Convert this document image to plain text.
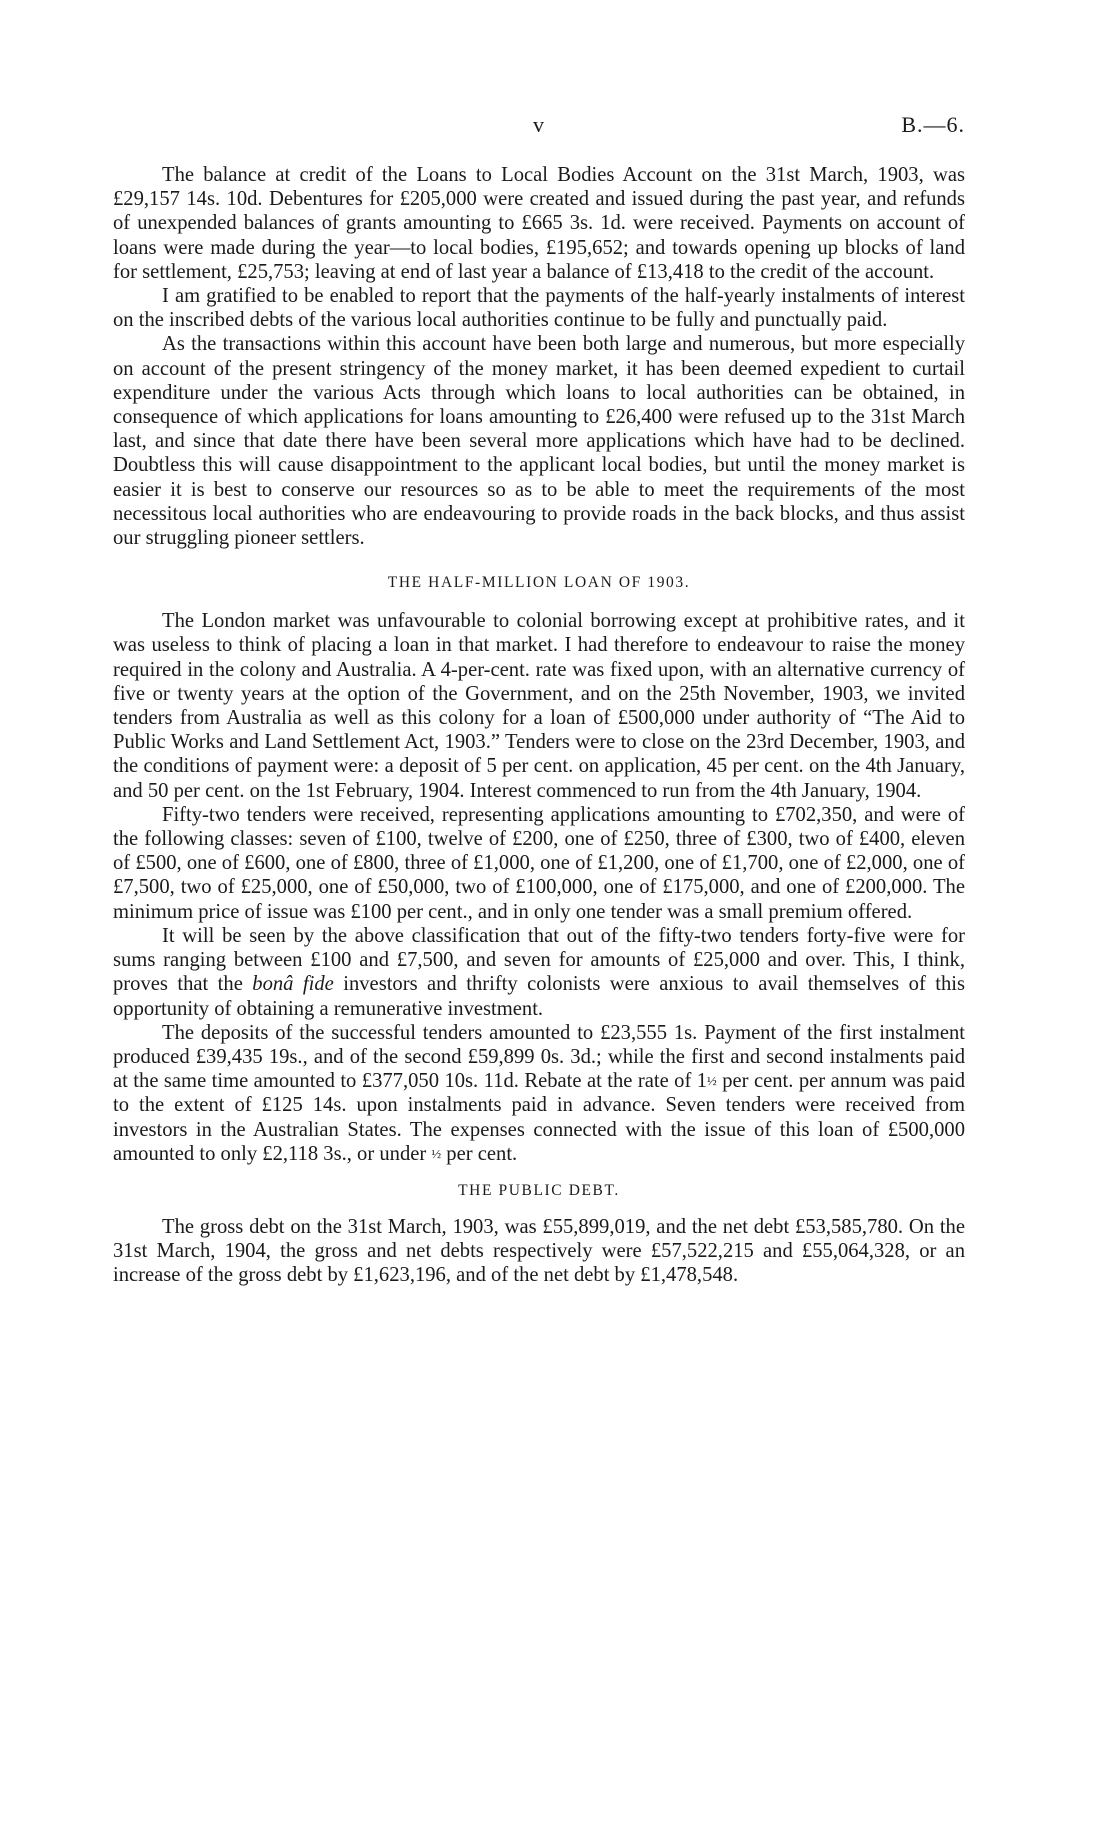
v	B.—6.

The balance at credit of the Loans to Local Bodies Account on the 31st March, 1903, was £29,157 14s. 10d. Debentures for £205,000 were created and issued during the past year, and refunds of unexpended balances of grants amounting to £665 3s. 1d. were received. Payments on account of loans were made during the year—to local bodies, £195,652; and towards opening up blocks of land for settlement, £25,753; leaving at end of last year a balance of £13,418 to the credit of the account.

I am gratified to be enabled to report that the payments of the half-yearly instalments of interest on the inscribed debts of the various local authorities continue to be fully and punctually paid.

As the transactions within this account have been both large and numerous, but more especially on account of the present stringency of the money market, it has been deemed expedient to curtail expenditure under the various Acts through which loans to local authorities can be obtained, in consequence of which applications for loans amounting to £26,400 were refused up to the 31st March last, and since that date there have been several more applications which have had to be declined. Doubtless this will cause disappointment to the applicant local bodies, but until the money market is easier it is best to conserve our resources so as to be able to meet the requirements of the most necessitous local authorities who are endeavouring to provide roads in the back blocks, and thus assist our struggling pioneer settlers.

THE HALF-MILLION LOAN OF 1903.

The London market was unfavourable to colonial borrowing except at prohibitive rates, and it was useless to think of placing a loan in that market. I had therefore to endeavour to raise the money required in the colony and Australia. A 4-per-cent. rate was fixed upon, with an alternative currency of five or twenty years at the option of the Government, and on the 25th November, 1903, we invited tenders from Australia as well as this colony for a loan of £500,000 under authority of “The Aid to Public Works and Land Settlement Act, 1903.” Tenders were to close on the 23rd December, 1903, and the conditions of payment were: a deposit of 5 per cent. on application, 45 per cent. on the 4th January, and 50 per cent. on the 1st February, 1904. Interest commenced to run from the 4th January, 1904.

Fifty-two tenders were received, representing applications amounting to £702,350, and were of the following classes: seven of £100, twelve of £200, one of £250, three of £300, two of £400, eleven of £500, one of £600, one of £800, three of £1,000, one of £1,200, one of £1,700, one of £2,000, one of £7,500, two of £25,000, one of £50,000, two of £100,000, one of £175,000, and one of £200,000. The minimum price of issue was £100 per cent., and in only one tender was a small premium offered.

It will be seen by the above classification that out of the fifty-two tenders forty-five were for sums ranging between £100 and £7,500, and seven for amounts of £25,000 and over. This, I think, proves that the bonâ fide investors and thrifty colonists were anxious to avail themselves of this opportunity of obtaining a remunerative investment.

The deposits of the successful tenders amounted to £23,555 1s. Payment of the first instalment produced £39,435 19s., and of the second £59,899 0s. 3d.; while the first and second instalments paid at the same time amounted to £377,050 10s. 11d. Rebate at the rate of 1½ per cent. per annum was paid to the extent of £125 14s. upon instalments paid in advance. Seven tenders were received from investors in the Australian States. The expenses connected with the issue of this loan of £500,000 amounted to only £2,118 3s., or under ½ per cent.

THE PUBLIC DEBT.

The gross debt on the 31st March, 1903, was £55,899,019, and the net debt £53,585,780. On the 31st March, 1904, the gross and net debts respectively were £57,522,215 and £55,064,328, or an increase of the gross debt by £1,623,196, and of the net debt by £1,478,548.
